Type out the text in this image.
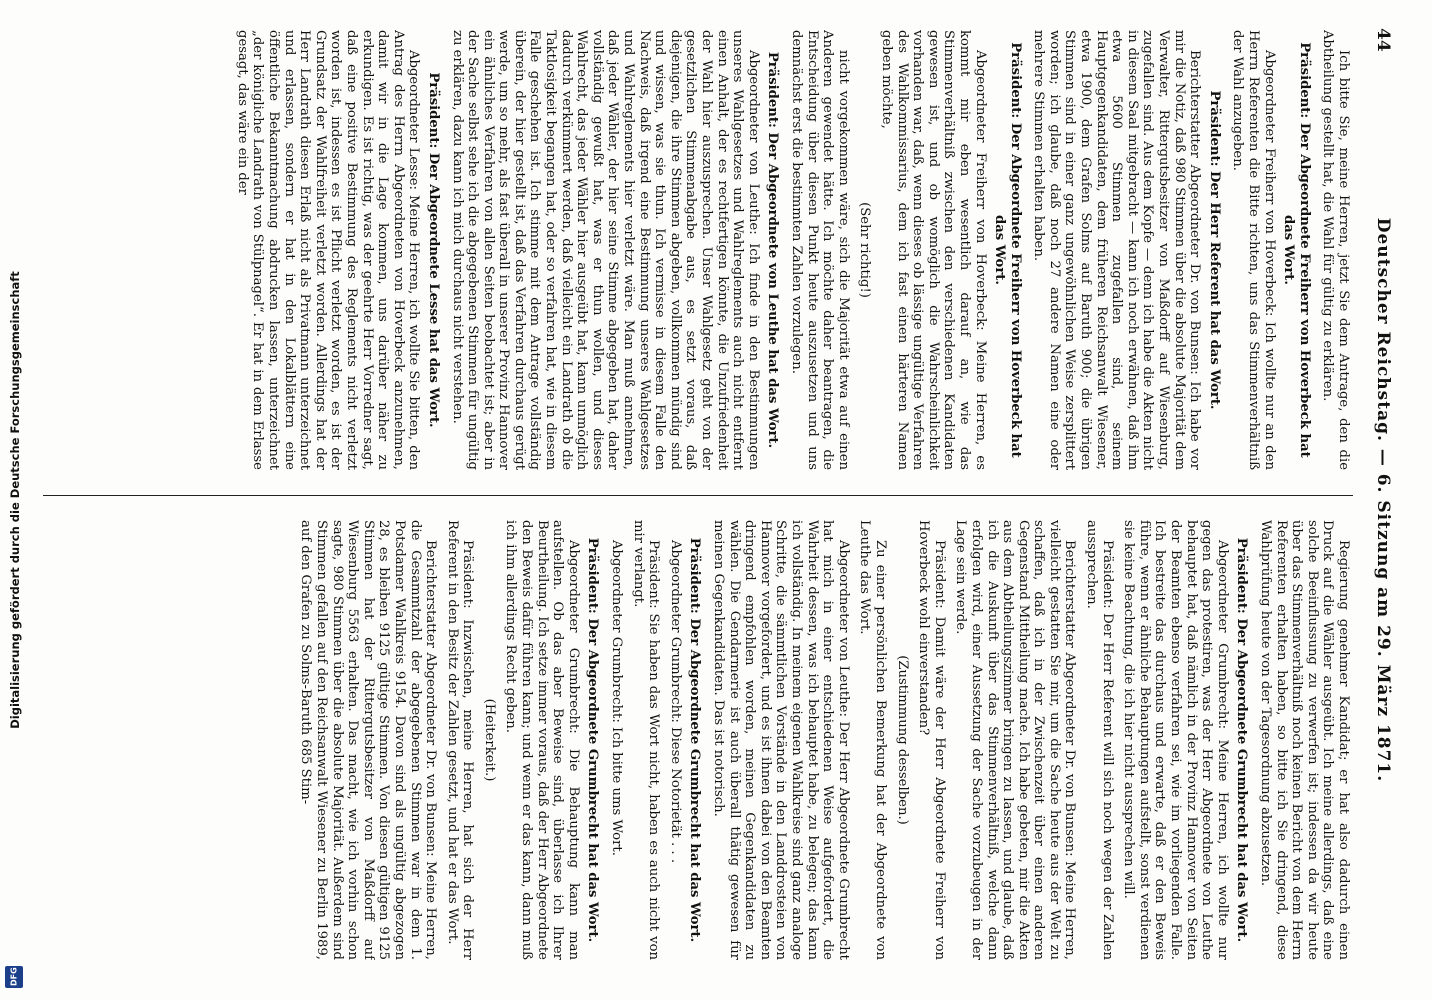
Digitalisierung gefördert durch die Deutsche Forschungsgemeinschaft
DFG
44
Deutscher Reichstag. — 6. Sitzung am 29. März 1871.

Ich bitte Sie, meine Herren, jetzt Sie dem Antrage, den die Abtheilung gestellt hat, die Wahl für gültig zu erklären.

Präsident: Der Abgeordnete Freiherr von Hoverbeck hat das Wort.

Abgeordneter Freiherr von Hoverbeck: Ich wollte nur an den Herrn Referenten die Bitte richten, uns das Stimmenverhältniß der Wahl anzugeben.

Präsident: Der Herr Referent hat das Wort.

Berichterstatter Abgeordneter Dr. von Bunsen: Ich habe vor mir die Notiz, daß 980 Stimmen über die absolute Majorität dem Verwalter, Rittergutsbesitzer von Maßdorff auf Wiesenburg, zugefallen sind. Aus dem Kopfe — denn ich habe die Akten nicht in diesem Saal mitgebracht — kann ich noch erwähnen, daß ihm etwa 5600 Stimmen zugefallen sind, seinem Hauptgegenkandidaten, dem früheren Reichsanwalt Wiesener, etwa 1900, dem Grafen Solms auf Baruth 900; die übrigen Stimmen sind in einer ganz ungewöhnlichen Weise zersplittert worden; ich glaube, daß noch 27 andere Namen eine oder mehrere Stimmen erhalten haben.

Präsident: Der Abgeordnete Freiherr von Hoverbeck hat das Wort.

Abgeordneter Freiherr von Hoverbeck: Meine Herren, es kommt mir eben wesentlich darauf an, wie das Stimmenverhältniß zwischen den verschiedenen Kandidaten gewesen ist, und ob womöglich die Wahrscheinlichkeit vorhanden war, daß, wenn dieses ob lässige ungültige Verfahren des Wahlkommissarius, dem ich fast einen härteren Namen geben möchte,

(Sehr richtig!)

nicht vorgekommen wäre, sich die Majorität etwa auf einen Anderen gewendet hätte. Ich möchte daher beantragen, die Entscheidung über diesen Punkt heute auszusetzen und uns demnächst erst die bestimmten Zahlen vorzulegen.

Präsident: Der Abgeordnete von Leuthe hat das Wort.

Abgeordneter von Leuthe: Ich finde in den Bestimmungen unseres Wahlgesetzes und Wahlreglements auch nicht entfernt einen Anhalt, der es rechtfertigen könnte, die Unzufriedenheit der Wahl hier auszusprechen. Unser Wahlgesetz geht von der gesetzlichen Stimmenabgabe aus, es setzt voraus, daß diejenigen, die ihre Stimmen abgeben, vollkommen mündig sind und wissen, was sie thun. Ich vermisse in diesem Falle den Nachweis, daß irgend eine Bestimmung unseres Wahlgesetzes und Wahlreglements hier verletzt wäre. Man muß annehmen, daß jeder Wähler, der hier seine Stimme abgegeben hat, daher vollständig gewußt hat, was er thun wollen, und dieses Wahlrecht, das jeder Wähler hier ausgeübt hat, kann unmöglich dadurch verkümmert werden, daß vielleicht ein Landrath ob die Taktlosigkeit begangen hat, oder so verfahren hat, wie in diesem Falle geschehen ist. Ich stimme mit dem Antrage vollständig überein, der hier gestellt ist, daß das Verfahren durchaus gerügt werde, um so mehr, als fast überall in unserer Provinz Hannover ein ähnliches Verfahren von allen Seiten beobachtet ist; aber in der Sache selbst sehe ich die abgegebenen Stimmen für ungültig zu erklären, dazu kann ich mich durchaus nicht verstehen.

Präsident: Der Abgeordnete Lesse hat das Wort.

Abgeordneter Lesse: Meine Herren, ich wollte Sie bitten, den Antrag des Herrn Abgeordneten von Hoverbeck anzunehmen, damit wir in die Lage kommen, uns darüber näher zu erkundigen. Es ist richtig, was der geehrte Herr Vorredner sagt, daß eine positive Bestimmung des Reglements nicht verletzt worden ist, indessen es ist Pflicht verletzt worden, es ist der Grundsatz der Wahlfreiheit verletzt worden. Allerdings hat der Herr Landrath diesen Erlaß nicht als Privatmann unterzeichnet und erlassen, sondern er hat in den Lokalblättern eine öffentliche Bekanntmachung abdrucken lassen, unterzeichnet „der königliche Landrath von Stülpnagel“. Er hat in dem Erlasse gesagt, das wäre ein der

Regierung genehmer Kandidat; er hat also dadurch einen Druck auf die Wähler ausgeübt. Ich meine allerdings, daß eine solche Beeinflussung zu verwerfen ist; indessen da wir heute über das Stimmenverhältniß noch keinen Bericht von dem Herrn Referenten erhalten haben, so bitte ich Sie dringend, diese Wahlprüfung heute von der Tagesordnung abzusetzen.

Präsident: Der Abgeordnete Grumbrecht hat das Wort.

Abgeordneter Grumbrecht: Meine Herren, ich wollte nur gegen das protestiren, was der Herr Abgeordnete von Leuthe behauptet hat, daß nämlich in der Provinz Hannover von Seiten der Beamten ebenso verfahren sei, wie im vorliegenden Falle. Ich bestreite das durchaus und erwarte, daß er den Beweis führe, wenn er ähnliche Behauptungen aufstellt, sonst verdienen sie keine Beachtung, die ich hier nicht aussprechen will.

Präsident: Der Herr Referent will sich noch wegen der Zahlen aussprechen.

Berichterstatter Abgeordneter Dr. von Bunsen: Meine Herren, vielleicht gestatten Sie mir, um die Sache heute aus der Welt zu schaffen, daß ich in der Zwischenzeit über einen anderen Gegenstand Mittheilung mache. Ich habe gebeten, mir die Akten aus dem Abtheilungszimmer bringen zu lassen, und glaube, daß ich die Auskunft über das Stimmenverhältniß, welche dann erfolgen wird, einer Aussetzung der Sache vorzubeugen in der Lage sein werde.

Präsident: Damit wäre der Herr Abgeordnete Freiherr von Hoverbeck wohl einverstanden?

(Zustimmung desselben.)

Zu einer persönlichen Bemerkung hat der Abgeordnete von Leuthe das Wort.

Abgeordneter von Leuthe: Der Herr Abgeordnete Grumbrecht hat mich in einer entschiedenen Weise aufgefordert, die Wahrheit dessen, was ich behauptet habe, zu belegen; das kann ich vollständig. In meinem eigenen Wahlkreise sind ganz analoge Schritte, die sämmtlichen Vorstände in den Landdrosteien von Hannover vorgefordert, und es ist ihnen dabei von den Beamten dringend empfohlen worden, meinen Gegenkandidaten zu wählen. Die Gendarmerie ist auch überall thätig gewesen für meinen Gegenkandidaten. Das ist notorisch.

Präsident: Der Abgeordnete Grumbrecht hat das Wort.

Abgeordneter Grumbrecht: Diese Notorietät . . .

Präsident: Sie haben das Wort nicht, haben es auch nicht von mir verlangt.

Abgeordneter Grumbrecht: Ich bitte ums Wort.

Präsident: Der Abgeordnete Grumbrecht hat das Wort.

Abgeordneter Grumbrecht: Die Behauptung kann man aufstellen. Ob das aber Beweise sind, überlasse ich Ihrer Beurtheilung. Ich setze immer voraus, daß der Herr Abgeordnete den Beweis dafür führen kann; und wenn er das kann, dann muß ich ihm allerdings Recht geben.

(Heiterkeit.)

Präsident: Inzwischen, meine Herren, hat sich der Herr Referent in den Besitz der Zahlen gesetzt, und hat er das Wort.

Berichterstatter Abgeordneter Dr. von Bunsen: Meine Herren, die Gesammtzahl der abgegebenen Stimmen war in dem 1. Potsdamer Wahlkreis 9154. Davon sind als ungültig abgezogen 28, es bleiben 9125 gültige Stimmen. Von diesen gültigen 9125 Stimmen hat der Rittergutsbesitzer von Maßdorff auf Wiesenburg 5563 erhalten. Das macht, wie ich vorhin schon sagte, 980 Stimmen über die absolute Majorität. Außerdem sind Stimmen gefallen auf den Reichsanwalt Wiesener zu Berlin 1989, auf den Grafen zu Solms-Baruth 685 Stim-
